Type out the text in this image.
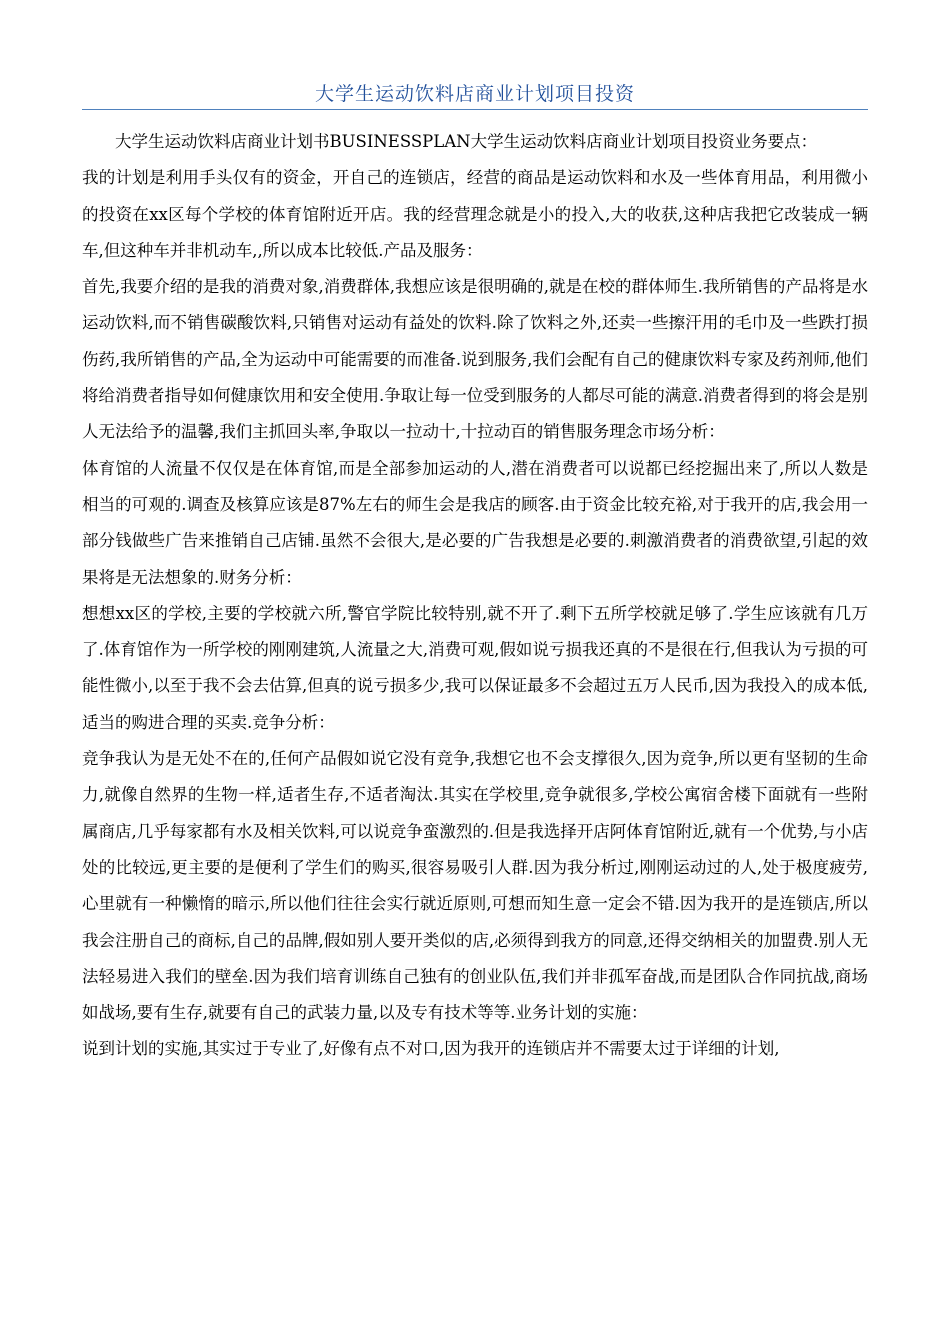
大学生运动饮料店商业计划项目投资

大学生运动饮料店商业计划书BUSINESSPLAN大学生运动饮料店商业计划项目投资业务要点：

我的计划是利用手头仅有的资金，开自己的连锁店，经营的商品是运动饮料和水及一些体育用品，利用微小的投资在xx区每个学校的体育馆附近开店。我的经营理念就是小的投入,大的收获,这种店我把它改装成一辆车,但这种车并非机动车,,所以成本比较低.产品及服务：

首先,我要介绍的是我的消费对象,消费群体,我想应该是很明确的,就是在校的群体师生.我所销售的产品将是水运动饮料,而不销售碳酸饮料,只销售对运动有益处的饮料.除了饮料之外,还卖一些擦汗用的毛巾及一些跌打损伤药,我所销售的产品,全为运动中可能需要的而准备.说到服务,我们会配有自己的健康饮料专家及药剂师,他们将给消费者指导如何健康饮用和安全使用.争取让每一位受到服务的人都尽可能的满意.消费者得到的将会是别人无法给予的温馨,我们主抓回头率,争取以一拉动十,十拉动百的销售服务理念市场分析：

体育馆的人流量不仅仅是在体育馆,而是全部参加运动的人,潜在消费者可以说都已经挖掘出来了,所以人数是相当的可观的.调查及核算应该是87%左右的师生会是我店的顾客.由于资金比较充裕,对于我开的店,我会用一部分钱做些广告来推销自己店铺.虽然不会很大,是必要的广告我想是必要的.刺激消费者的消费欲望,引起的效果将是无法想象的.财务分析：

想想xx区的学校,主要的学校就六所,警官学院比较特别,就不开了.剩下五所学校就足够了.学生应该就有几万了.体育馆作为一所学校的刚刚建筑,人流量之大,消费可观,假如说亏损我还真的不是很在行,但我认为亏损的可能性微小,以至于我不会去估算,但真的说亏损多少,我可以保证最多不会超过五万人民币,因为我投入的成本低,适当的购进合理的买卖.竞争分析：

竞争我认为是无处不在的,任何产品假如说它没有竞争,我想它也不会支撑很久,因为竞争,所以更有坚韧的生命力,就像自然界的生物一样,适者生存,不适者淘汰.其实在学校里,竞争就很多,学校公寓宿舍楼下面就有一些附属商店,几乎每家都有水及相关饮料,可以说竞争蛮激烈的.但是我选择开店阿体育馆附近,就有一个优势,与小店处的比较远,更主要的是便利了学生们的购买,很容易吸引人群.因为我分析过,刚刚运动过的人,处于极度疲劳,心里就有一种懒惰的暗示,所以他们往往会实行就近原则,可想而知生意一定会不错.因为我开的是连锁店,所以我会注册自己的商标,自己的品牌,假如别人要开类似的店,必须得到我方的同意,还得交纳相关的加盟费.别人无法轻易进入我们的壁垒.因为我们培育训练自己独有的创业队伍,我们并非孤军奋战,而是团队合作同抗战,商场如战场,要有生存,就要有自己的武装力量,以及专有技术等等.业务计划的实施：

说到计划的实施,其实过于专业了,好像有点不对口,因为我开的连锁店并不需要太过于详细的计划,
